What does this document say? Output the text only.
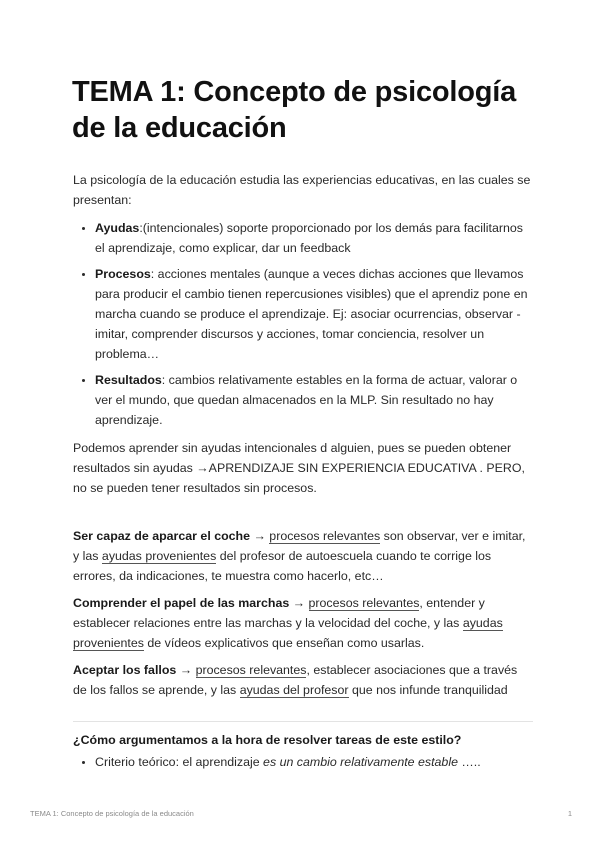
TEMA 1: Concepto de psicología de la educación

La psicología de la educación estudia las experiencias educativas, en las cuales se presentan:

• Ayudas:(intencionales) soporte proporcionado por los demás para facilitarnos el aprendizaje, como explicar, dar un feedback
• Procesos: acciones mentales (aunque a veces dichas acciones que llevamos para producir el cambio tienen repercusiones visibles) que el aprendiz pone en marcha cuando se produce el aprendizaje. Ej: asociar ocurrencias, observar - imitar, comprender discursos y acciones, tomar conciencia, resolver un problema…
• Resultados: cambios relativamente estables en la forma de actuar, valorar o ver el mundo, que quedan almacenados en la MLP. Sin resultado no hay aprendizaje.

Podemos aprender sin ayudas intencionales d alguien, pues se pueden obtener resultados sin ayudas →APRENDIZAJE SIN EXPERIENCIA EDUCATIVA . PERO, no se pueden tener resultados sin procesos.

Ser capaz de aparcar el coche → procesos relevantes son observar, ver e imitar, y las ayudas provenientes del profesor de autoescuela cuando te corrige los errores, da indicaciones, te muestra como hacerlo, etc…

Comprender el papel de las marchas → procesos relevantes, entender y establecer relaciones entre las marchas y la velocidad del coche, y las ayudas provenientes de vídeos explicativos que enseñan como usarlas.

Aceptar los fallos → procesos relevantes, establecer asociaciones que a través de los fallos se aprende, y las ayudas del profesor que nos infunde tranquilidad

¿Cómo argumentamos a la hora de resolver tareas de este estilo?

• Criterio teórico: el aprendizaje es un cambio relativamente estable …..
TEMA 1: Concepto de psicología de la educación	1
